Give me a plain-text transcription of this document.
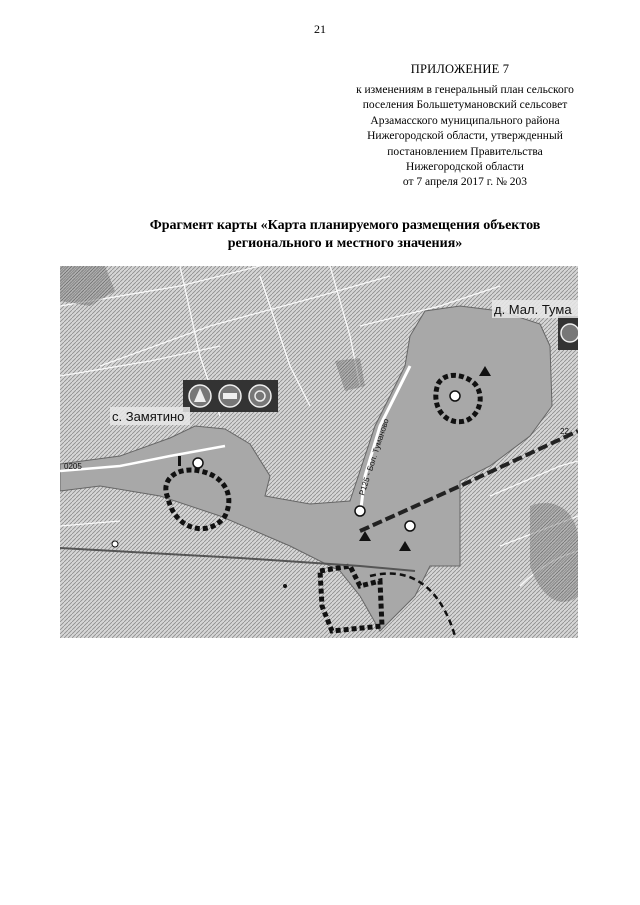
21
ПРИЛОЖЕНИЕ 7
к изменениям в генеральный план сельского
поселения Большетумановский сельсовет
Арзамасского муниципального района
Нижегородской области, утвержденный
постановлением Правительства
Нижегородской области
от 7 апреля 2017 г. № 203
Фрагмент карты «Карта планируемого размещения объектов
регионального и местного значения»
с. Замятино
д. Мал. Тума
Р125 - Бол. Туманово
0205
22
